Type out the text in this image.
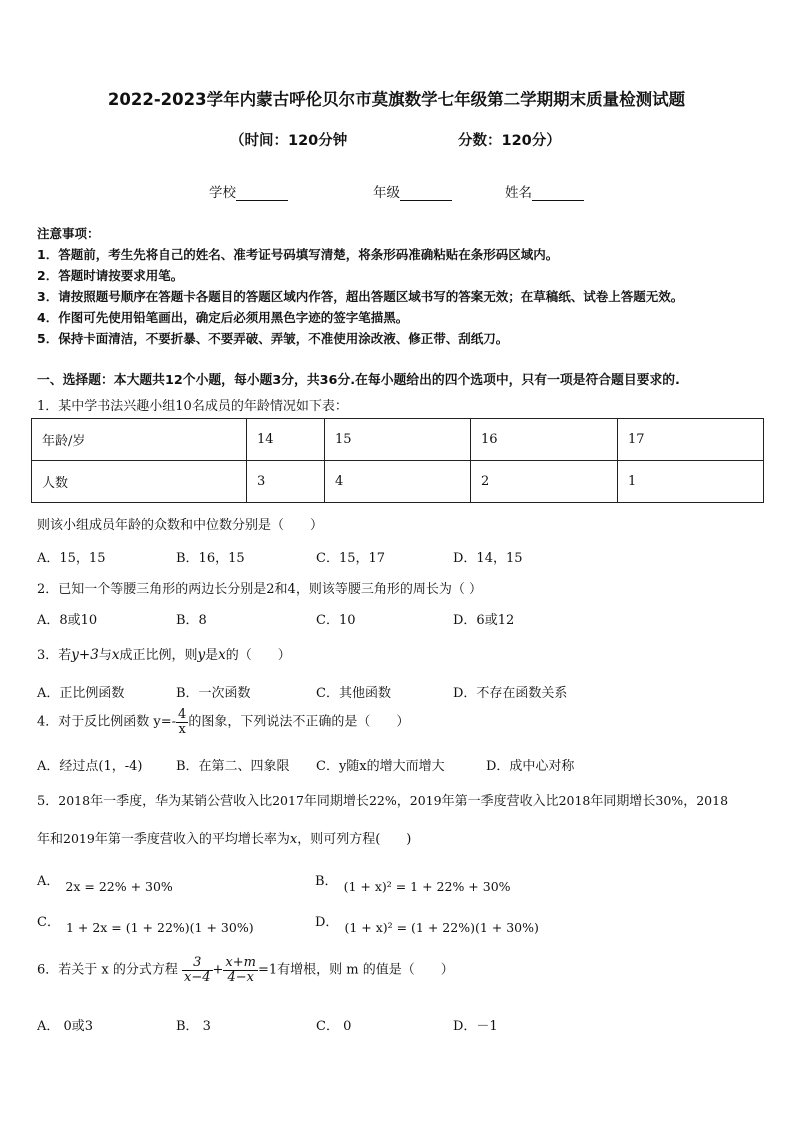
2022-2023学年内蒙古呼伦贝尔市莫旗数学七年级第二学期期末质量检测试题
（时间：120分钟	分数：120分）
学校	年级	姓名
注意事项：
1．答题前，考生先将自己的姓名、准考证号码填写清楚，将条形码准确粘贴在条形码区域内。
2．答题时请按要求用笔。
3．请按照题号顺序在答题卡各题目的答题区域内作答，超出答题区域书写的答案无效；在草稿纸、试卷上答题无效。
4．作图可先使用铅笔画出，确定后必须用黑色字迹的签字笔描黑。
5．保持卡面清洁，不要折暴、不要弄破、弄皱，不准使用涂改液、修正带、刮纸刀。
一、选择题：本大题共12个小题，每小题3分，共36分.在每小题给出的四个选项中，只有一项是符合题目要求的.
1．某中学书法兴趣小组10名成员的年龄情况如下表：
年龄/岁	14	15	16	17
人数	3	4	2	1
则该小组成员年龄的众数和中位数分别是（　　）
A．15，15	B．16，15	C．15，17	D．14，15
2．已知一个等腰三角形的两边长分别是2和4，则该等腰三角形的周长为（ ）
A．8或10	B．8	C．10	D．6或12
3．若y+3与x成正比例，则y是x的（　　）
A．正比例函数	B．一次函数	C．其他函数	D．不存在函数关系
4．对于反比例函数 $y=- \frac{4}{x}$ 的图象，下列说法不正确的是（　　）
A．经过点(1，-4)	B．在第二、四象限 C．y随x的增大而增大	D．成中心对称
5．2018年一季度，华为某销公营收入比2017年同期增长22%，2019年第一季度营收入比2018年同期增长30%，2018
年和2019年第一季度营收入的平均增长率为x，则可列方程(　　)
A． 2x = 22% + 30%	B． (1 + x)² = 1 + 22% + 30%
C． 1 + 2x = (1 + 22%)(1 + 30%)	D． (1 + x)² = (1 + 22%)(1 + 30%)
6．若关于 x 的分式方程 $\frac{3}{x-4} + \frac{x+m}{4-x} =1$有增根，则 m 的值是（　　）
A． 0或3	B． 3	C． 0	D．－1
